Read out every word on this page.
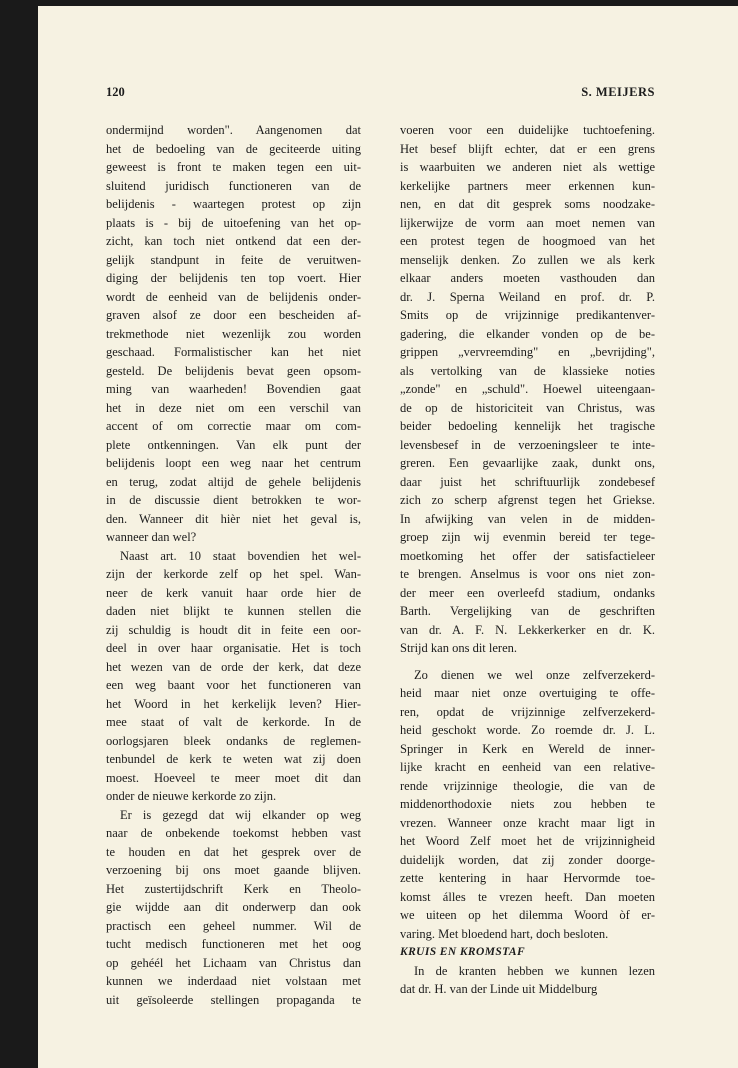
120	S. MEIJERS

ondermijnd worden". Aangenomen dat

het de bedoeling van de geciteerde uiting

geweest is front te maken tegen een uit-

sluitend juridisch functioneren van de

belijdenis - waartegen protest op zijn

plaats is - bij de uitoefening van het op-

zicht, kan toch niet ontkend dat een der-

gelijk standpunt in feite de veruitwen-

diging der belijdenis ten top voert. Hier

wordt de eenheid van de belijdenis onder-

graven alsof ze door een bescheiden af-

trekmethode niet wezenlijk zou worden

geschaad. Formalistischer kan het niet

gesteld. De belijdenis bevat geen opsom-

ming van waarheden! Bovendien gaat

het in deze niet om een verschil van

accent of om correctie maar om com-

plete ontkenningen. Van elk punt der

belijdenis loopt een weg naar het centrum

en terug, zodat altijd de gehele belijdenis

in de discussie dient betrokken te wor-

den. Wanneer dit hièr niet het geval is,

wanneer dan wel?

Naast art. 10 staat bovendien het wel-

zijn der kerkorde zelf op het spel. Wan-

neer de kerk vanuit haar orde hier de

daden niet blijkt te kunnen stellen die

zij schuldig is houdt dit in feite een oor-

deel in over haar organisatie. Het is toch

het wezen van de orde der kerk, dat deze

een weg baant voor het functioneren van

het Woord in het kerkelijk leven? Hier-

mee staat of valt de kerkorde. In de

oorlogsjaren bleek ondanks de reglemen-

tenbundel de kerk te weten wat zij doen

moest. Hoeveel te meer moet dit dan

onder de nieuwe kerkorde zo zijn.

Er is gezegd dat wij elkander op weg

naar de onbekende toekomst hebben vast

te houden en dat het gesprek over de

verzoening bij ons moet gaande blijven.

Het zustertijdschrift Kerk en Theolo-

gie wijdde aan dit onderwerp dan ook

practisch een geheel nummer. Wil de

tucht medisch functioneren met het oog

op gehéél het Lichaam van Christus dan

kunnen we inderdaad niet volstaan met

uit geïsoleerde stellingen propaganda te

voeren voor een duidelijke tuchtoefening.

Het besef blijft echter, dat er een grens

is waarbuiten we anderen niet als wettige

kerkelijke partners meer erkennen kun-

nen, en dat dit gesprek soms noodzake-

lijkerwijze de vorm aan moet nemen van

een protest tegen de hoogmoed van het

menselijk denken. Zo zullen we als kerk

elkaar anders moeten vasthouden dan

dr. J. Sperna Weiland en prof. dr. P.

Smits op de vrijzinnige predikantenver-

gadering, die elkander vonden op de be-

grippen „vervreemding" en „bevrijding",

als vertolking van de klassieke noties

„zonde" en „schuld". Hoewel uiteengaan-

de op de historiciteit van Christus, was

beider bedoeling kennelijk het tragische

levensbesef in de verzoeningsleer te inte-

greren. Een gevaarlijke zaak, dunkt ons,

daar juist het schriftuurlijk zondebesef

zich zo scherp afgrenst tegen het Griekse.

In afwijking van velen in de midden-

groep zijn wij evenmin bereid ter tege-

moetkoming het offer der satisfactieleer

te brengen. Anselmus is voor ons niet zon-

der meer een overleefd stadium, ondanks

Barth. Vergelijking van de geschriften

van dr. A. F. N. Lekkerkerker en dr. K.

Strijd kan ons dit leren.

Zo dienen we wel onze zelfverzekerd-

heid maar niet onze overtuiging te offe-

ren, opdat de vrijzinnige zelfverzekerd-

heid geschokt worde. Zo roemde dr. J. L.

Springer in Kerk en Wereld de inner-

lijke kracht en eenheid van een relative-

rende vrijzinnige theologie, die van de

middenorthodoxie niets zou hebben te

vrezen. Wanneer onze kracht maar ligt in

het Woord Zelf moet het de vrijzinnigheid

duidelijk worden, dat zij zonder doorge-

zette kentering in haar Hervormde toe-

komst álles te vrezen heeft. Dan moeten

we uiteen op het dilemma Woord òf er-

varing. Met bloedend hart, doch besloten.

KRUIS EN KROMSTAF

In de kranten hebben we kunnen lezen

dat dr. H. van der Linde uit Middelburg
